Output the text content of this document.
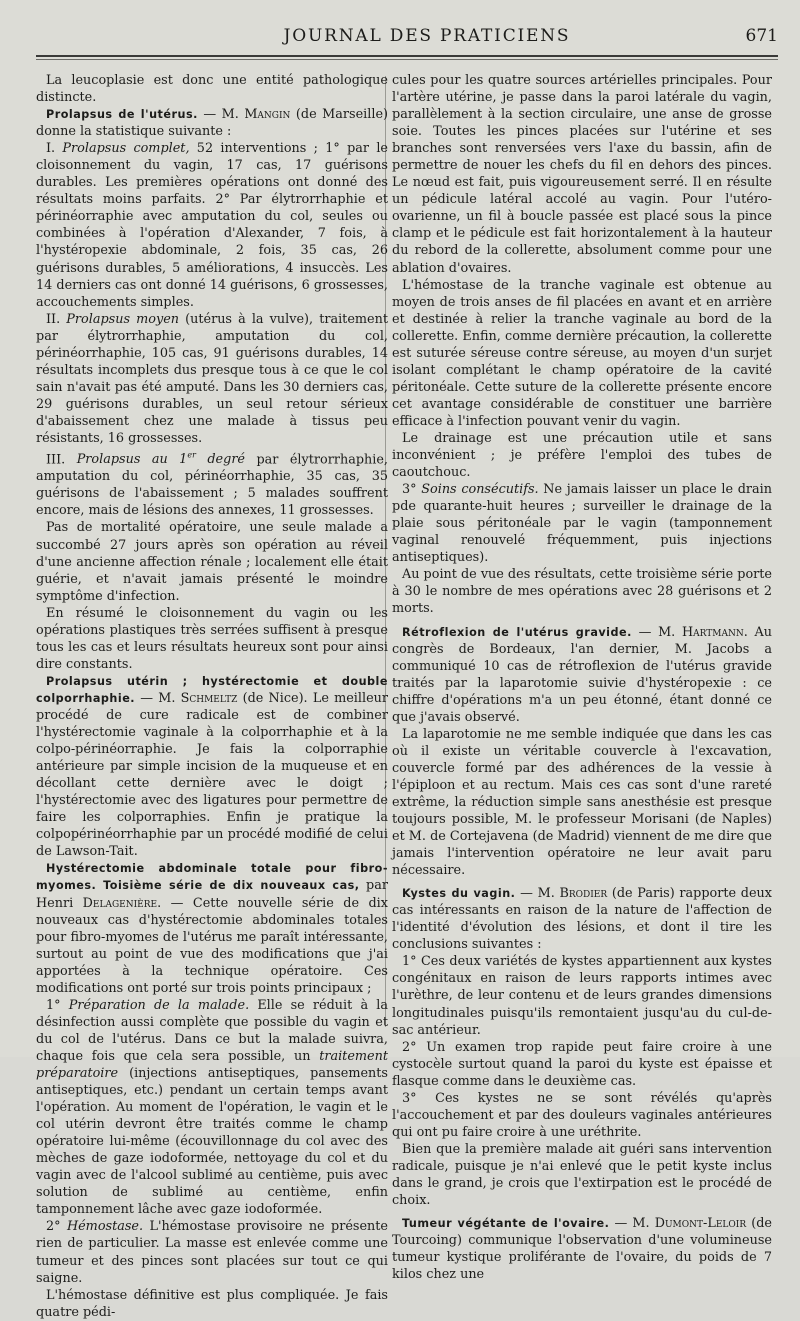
JOURNAL DES PRATICIENS	671

La leucoplasie est donc une entité pathologique distincte.

Prolapsus de l'utérus. — M. Mangin (de Marseille) donne la statistique suivante :

I. Prolapsus complet, 52 interventions ; 1° par le cloisonnement du vagin, 17 cas, 17 guérisons durables. Les premières opérations ont donné des résultats moins parfaits. 2° Par élytrorrhaphie et périnéorraphie avec amputation du col, seules ou combinées à l'opération d'Alexander, 7 fois, à l'hystéropexie abdominale, 2 fois, 35 cas, 26 guérisons durables, 5 améliorations, 4 insuccès. Les 14 derniers cas ont donné 14 guérisons, 6 grossesses, accouchements simples.

II. Prolapsus moyen (utérus à la vulve), traitement par élytrorrhaphie, amputation du col, périnéorrhaphie, 105 cas, 91 guérisons durables, 14 résultats incomplets dus presque tous à ce que le col sain n'avait pas été amputé. Dans les 30 derniers cas, 29 guérisons durables, un seul retour sérieux d'abaissement chez une malade à tissus peu résistants, 16 grossesses.

III. Prolapsus au 1er degré par élytrorrhaphie, amputation du col, périnéorrhaphie, 35 cas, 35 guérisons de l'abaissement ; 5 malades souffrent encore, mais de lésions des annexes, 11 grossesses.

Pas de mortalité opératoire, une seule malade a succombé 27 jours après son opération au réveil d'une ancienne affection rénale ; localement elle était guérie, et n'avait jamais présenté le moindre symptôme d'infection.

En résumé le cloisonnement du vagin ou les opérations plastiques très serrées suffisent à presque tous les cas et leurs résultats heureux sont pour ainsi dire constants.

Prolapsus utérin ; hystérectomie et double colporrhaphie. — M. Schmeltz (de Nice). Le meilleur procédé de cure radicale est de combiner l'hystérectomie vaginale à la colporrhaphie et à la colpo-périnéorraphie. Je fais la colporraphie antérieure par simple incision de la muqueuse et en décollant cette dernière avec le doigt ; l'hystérectomie avec des ligatures pour permettre de faire les colporraphies. Enfin je pratique la colpopérinéorrhaphie par un procédé modifié de celui de Lawson-Tait.

Hystérectomie abdominale totale pour fibro-myomes. Toisième série de dix nouveaux cas, par Henri Delagenière. — Cette nouvelle série de dix nouveaux cas d'hystérectomie abdominales totales pour fibro-myomes de l'utérus me paraît intéressante, surtout au point de vue des modifications que j'ai apportées à la technique opératoire. Ces modifications ont porté sur trois points principaux ;

1° Préparation de la malade. Elle se réduit à la désinfection aussi complète que possible du vagin et du col de l'utérus. Dans ce but la malade suivra, chaque fois que cela sera possible, un traitement préparatoire (injections antiseptiques, pansements antiseptiques, etc.) pendant un certain temps avant l'opération. Au moment de l'opération, le vagin et le col utérin devront être traités comme le champ opératoire lui-même (écouvillonnage du col avec des mèches de gaze iodoformée, nettoyage du col et du vagin avec de l'alcool sublimé au centième, puis avec solution de sublimé au centième, enfin tamponnement lâche avec gaze iodoformée.

2° Hémostase. L'hémostase provisoire ne présente rien de particulier. La masse est enlevée comme une tumeur et des pinces sont placées sur tout ce qui saigne.

L'hémostase définitive est plus compliquée. Je fais quatre pédi-

cules pour les quatre sources artérielles principales. Pour l'artère utérine, je passe dans la paroi latérale du vagin, parallèlement à la section circulaire, une anse de grosse soie. Toutes les pinces placées sur l'utérine et ses branches sont renversées vers l'axe du bassin, afin de permettre de nouer les chefs du fil en dehors des pinces. Le nœud est fait, puis vigoureusement serré. Il en résulte un pédicule latéral accolé au vagin. Pour l'utéro-ovarienne, un fil à boucle passée est placé sous la pince clamp et le pédicule est fait horizontalement à la hauteur du rebord de la collerette, absolument comme pour une ablation d'ovaires.

L'hémostase de la tranche vaginale est obtenue au moyen de trois anses de fil placées en avant et en arrière et destinée à relier la tranche vaginale au bord de la collerette. Enfin, comme dernière précaution, la collerette est suturée séreuse contre séreuse, au moyen d'un surjet isolant complétant le champ opératoire de la cavité péritonéale. Cette suture de la collerette présente encore cet avantage considérable de constituer une barrière efficace à l'infection pouvant venir du vagin.

Le drainage est une précaution utile et sans inconvénient ; je préfère l'emploi des tubes de caoutchouc.

3° Soins consécutifs. Ne jamais laisser un place le drain pde quarante-huit heures ; surveiller le drainage de la plaie sous péritonéale par le vagin (tamponnement vaginal renouvelé fréquemment, puis injections antiseptiques).

Au point de vue des résultats, cette troisième série porte à 30 le nombre de mes opérations avec 28 guérisons et 2 morts.

Rétroflexion de l'utérus gravide. — M. Hartmann. Au congrès de Bordeaux, l'an dernier, M. Jacobs a communiqué 10 cas de rétroflexion de l'utérus gravide traités par la laparotomie suivie d'hystéropexie : ce chiffre d'opérations m'a un peu étonné, étant donné ce que j'avais observé.

La laparotomie ne me semble indiquée que dans les cas où il existe un véritable couvercle à l'excavation, couvercle formé par des adhérences de la vessie à l'épiploon et au rectum. Mais ces cas sont d'une rareté extrême, la réduction simple sans anesthésie est presque toujours possible, M. le professeur Morisani (de Naples) et M. de Cortejavena (de Madrid) viennent de me dire que jamais l'intervention opératoire ne leur avait paru nécessaire.

Kystes du vagin. — M. Brodier (de Paris) rapporte deux cas intéressants en raison de la nature de l'affection de l'identité d'évolution des lésions, et dont il tire les conclusions suivantes :

1° Ces deux variétés de kystes appartiennent aux kystes congénitaux en raison de leurs rapports intimes avec l'urèthre, de leur contenu et de leurs grandes dimensions longitudinales puisqu'ils remontaient jusqu'au du cul-de-sac antérieur.

2° Un examen trop rapide peut faire croire à une cystocèle surtout quand la paroi du kyste est épaisse et flasque comme dans le deuxième cas.

3° Ces kystes ne se sont révélés qu'après l'accouchement et par des douleurs vaginales antérieures qui ont pu faire croire à une uréthrite.

Bien que la première malade ait guéri sans intervention radicale, puisque je n'ai enlevé que le petit kyste inclus dans le grand, je crois que l'extirpation est le procédé de choix.

Tumeur végétante de l'ovaire. — M. Dumont-Leloir (de Tourcoing) communique l'observation d'une volumineuse tumeur kystique proliférante de l'ovaire, du poids de 7 kilos chez une
